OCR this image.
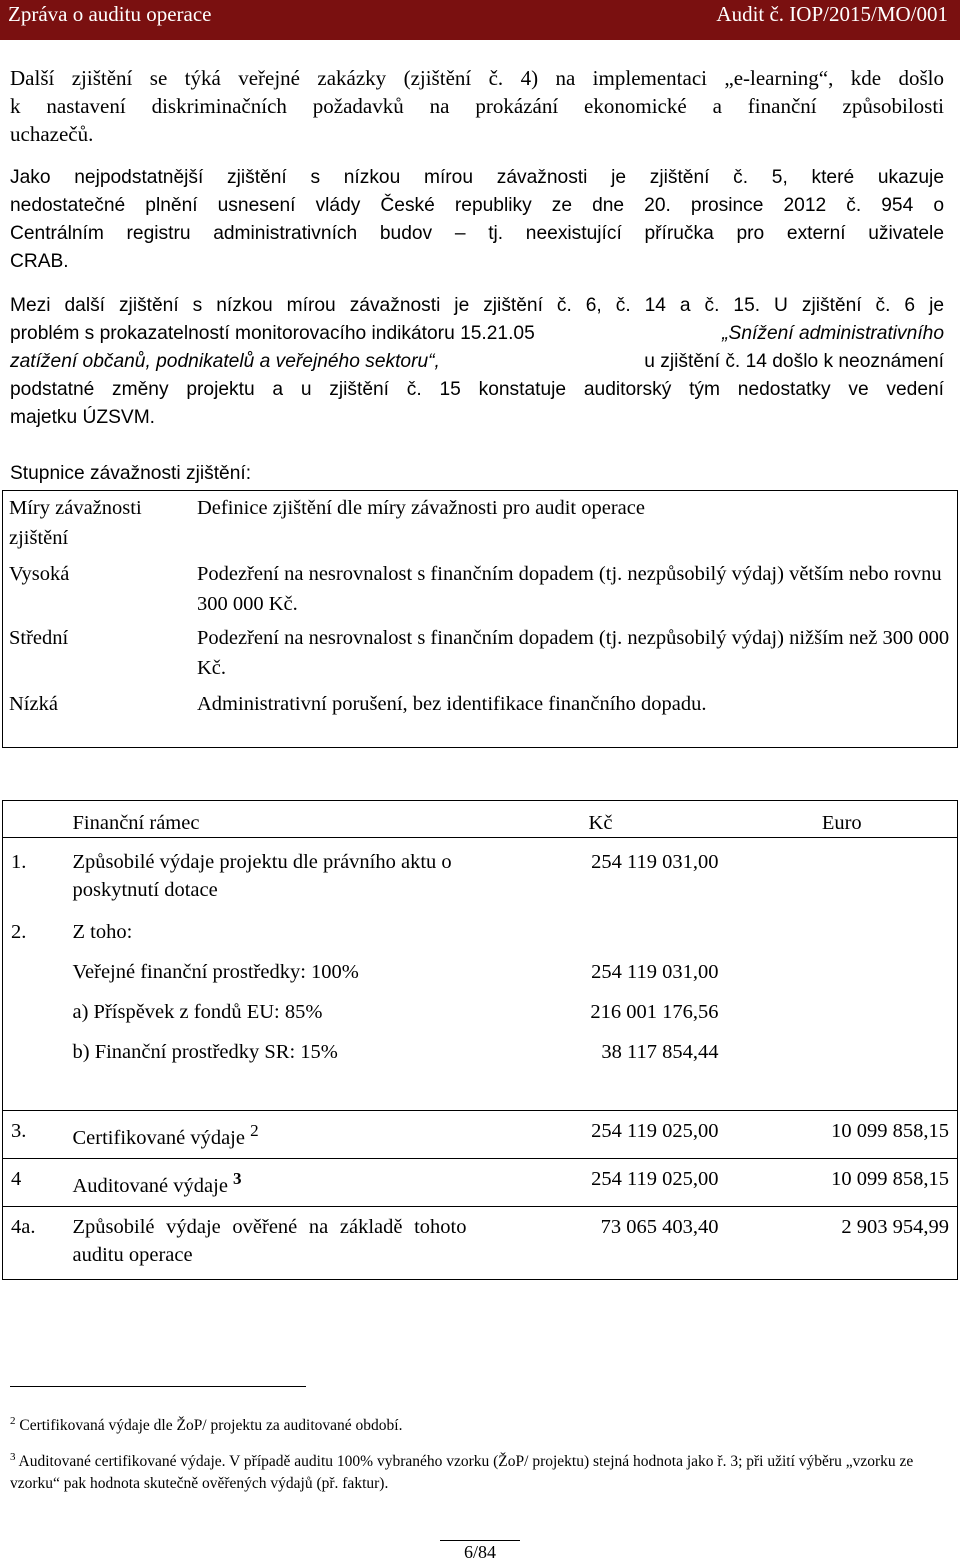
Zpráva o auditu operace	Audit č. IOP/2015/MO/001
Další zjištění se týká veřejné zakázky (zjištění č. 4) na implementaci „e-learning“, kde došlo
k nastavení diskriminačních požadavků na prokázání ekonomické a finanční způsobilosti
uchazečů.
Jako nejpodstatnější zjištění s nízkou mírou závažnosti je zjištění č. 5, které ukazuje
nedostatečné plnění usnesení vlády České republiky ze dne 20. prosince 2012 č. 954 o
Centrálním registru administrativních budov – tj. neexistující příručka pro externí uživatele
CRAB.
Mezi další zjištění s nízkou mírou závažnosti je zjištění č. 6, č. 14 a č. 15. U zjištění č. 6 je
problém s prokazatelností monitorovacího indikátoru 15.21.05	„Snížení administrativního
zatížení občanů, podnikatelů a veřejného sektoru“,	u zjištění č. 14 došlo k neoznámení
podstatné změny projektu a u zjištění č. 15 konstatuje auditorský tým nedostatky ve vedení
majetku ÚZSVM.
Stupnice závažnosti zjištění:
Míry závažnosti zjištění	Definice zjištění dle míry závažnosti pro audit operace
Vysoká	Podezření na nesrovnalost s finančním dopadem (tj. nezpůsobilý výdaj) větším nebo rovnu 300 000 Kč.
Střední	Podezření na nesrovnalost s finančním dopadem (tj. nezpůsobilý výdaj) nižším než 300 000 Kč.
Nízká	Administrativní porušení, bez identifikace finančního dopadu.
	Finanční rámec	Kč	Euro
1.	Způsobilé výdaje projektu dle právního aktu o poskytnutí dotace	254 119 031,00	
2.	Z toho:		
	Veřejné finanční prostředky: 100%	254 119 031,00	
	a) Příspěvek z fondů EU: 85%	216 001 176,56	
	b) Finanční prostředky SR: 15%	38 117 854,44	
3.	Certifikované výdaje $^2$	254 119 025,00	10 099 858,15
4	Auditované výdaje $^3$	254 119 025,00	10 099 858,15
4a.	Způsobilé výdaje ověřené na základě tohoto auditu operace	73 065 403,40	2 903 954,99
$^2$ Certifikovaná výdaje dle ŽoP/ projektu za auditované období.
$^3$ Auditované certifikované výdaje. V případě auditu 100% vybraného vzorku (ŽoP/ projektu) stejná hodnota jako ř. 3; při užití výběru „vzorku ze vzorku“ pak hodnota skutečně ověřených výdajů (př. faktur).
6/84
